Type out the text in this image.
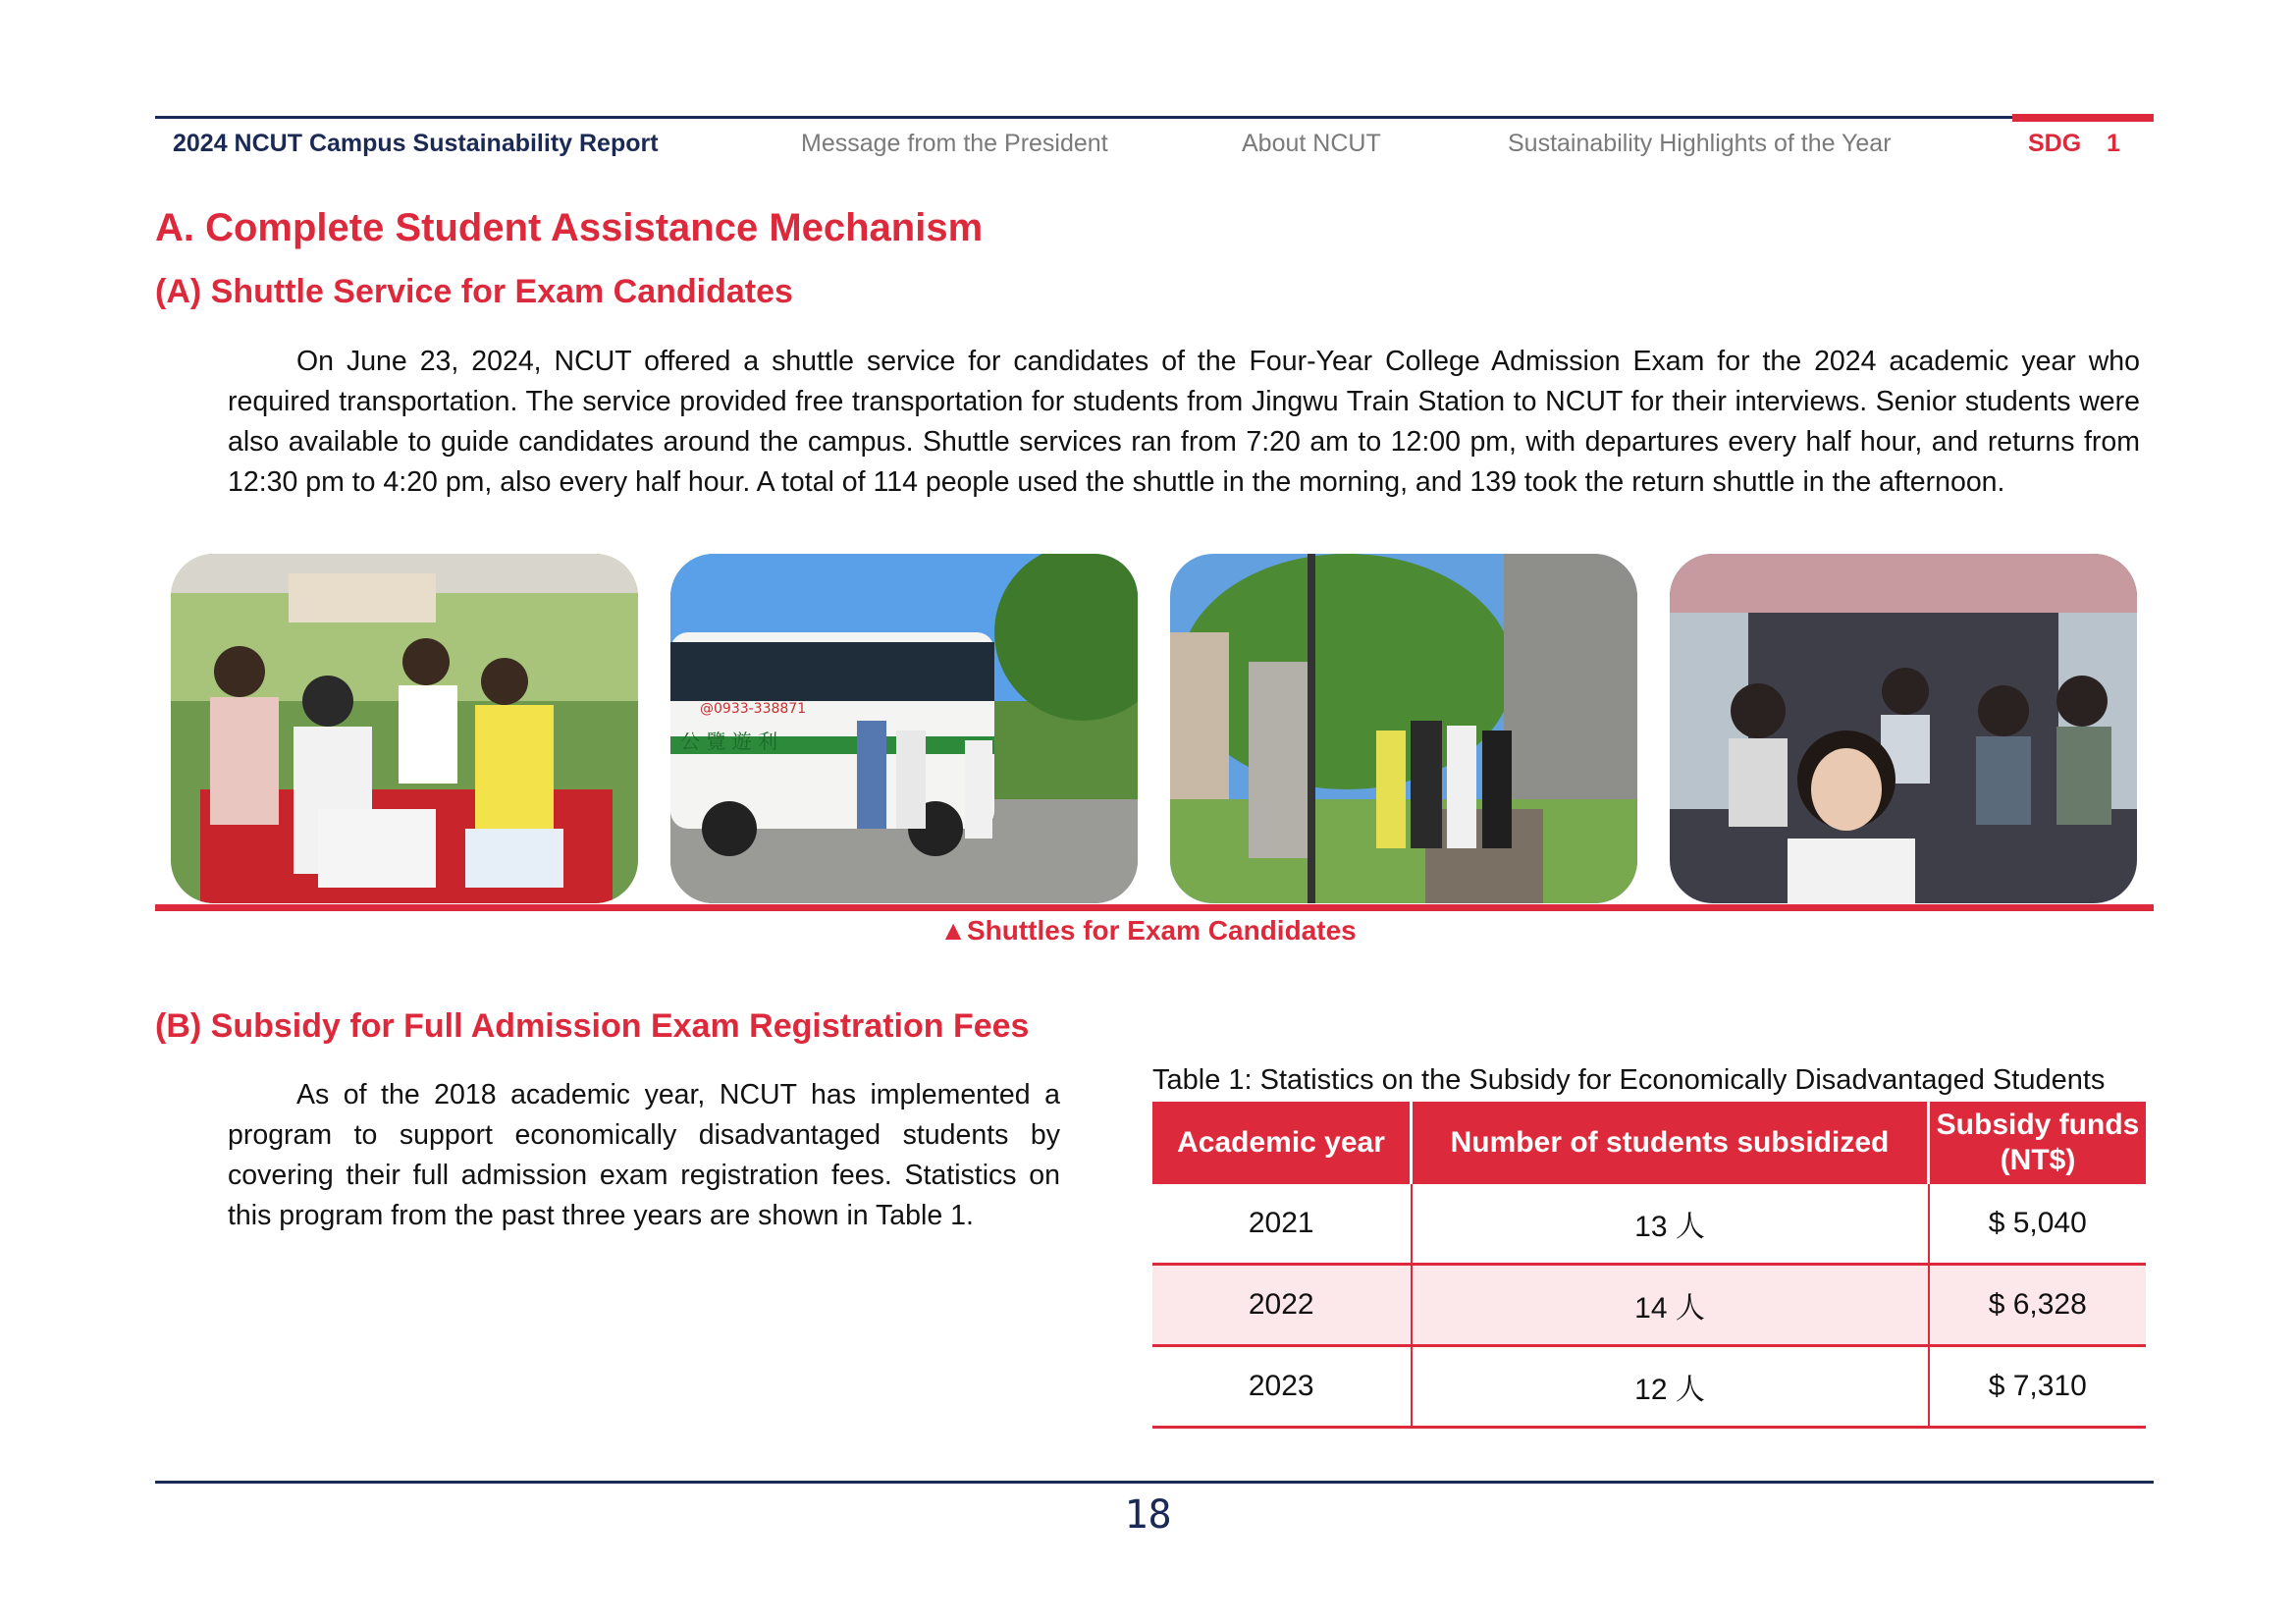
2024 NCUT Campus Sustainability Report	Message from the President	About NCUT	Sustainability Highlights of the Year	SDG 1
A. Complete Student Assistance Mechanism
(A) Shuttle Service for Exam Candidates

On June 23, 2024, NCUT offered a shuttle service for candidates of the Four-Year College Admission Exam for the 2024 academic year who required transportation. The service provided free transportation for students from Jingwu Train Station to NCUT for their interviews. Senior students were also available to guide candidates around the campus. Shuttle services ran from 7:20 am to 12:00 pm, with departures every half hour, and returns from 12:30 pm to 4:20 pm, also every half hour. A total of 114 people used the shuttle in the morning, and 139 took the return shuttle in the afternoon.

@0933-338871
公 覽 遊 利
▲Shuttles for Exam Candidates
(B) Subsidy for Full Admission Exam Registration Fees

As of the 2018 academic year, NCUT has implemented a program to support economically disadvantaged students by covering their full admission exam registration fees. Statistics on this program from the past three years are shown in Table 1.

Table 1: Statistics on the Subsidy for Economically Disadvantaged Students
Academic year	Number of students subsidized	Subsidy funds
(NT$)
2021	13 人	$ 5,040
2022	14 人	$ 6,328
2023	12 人	$ 7,310
18
